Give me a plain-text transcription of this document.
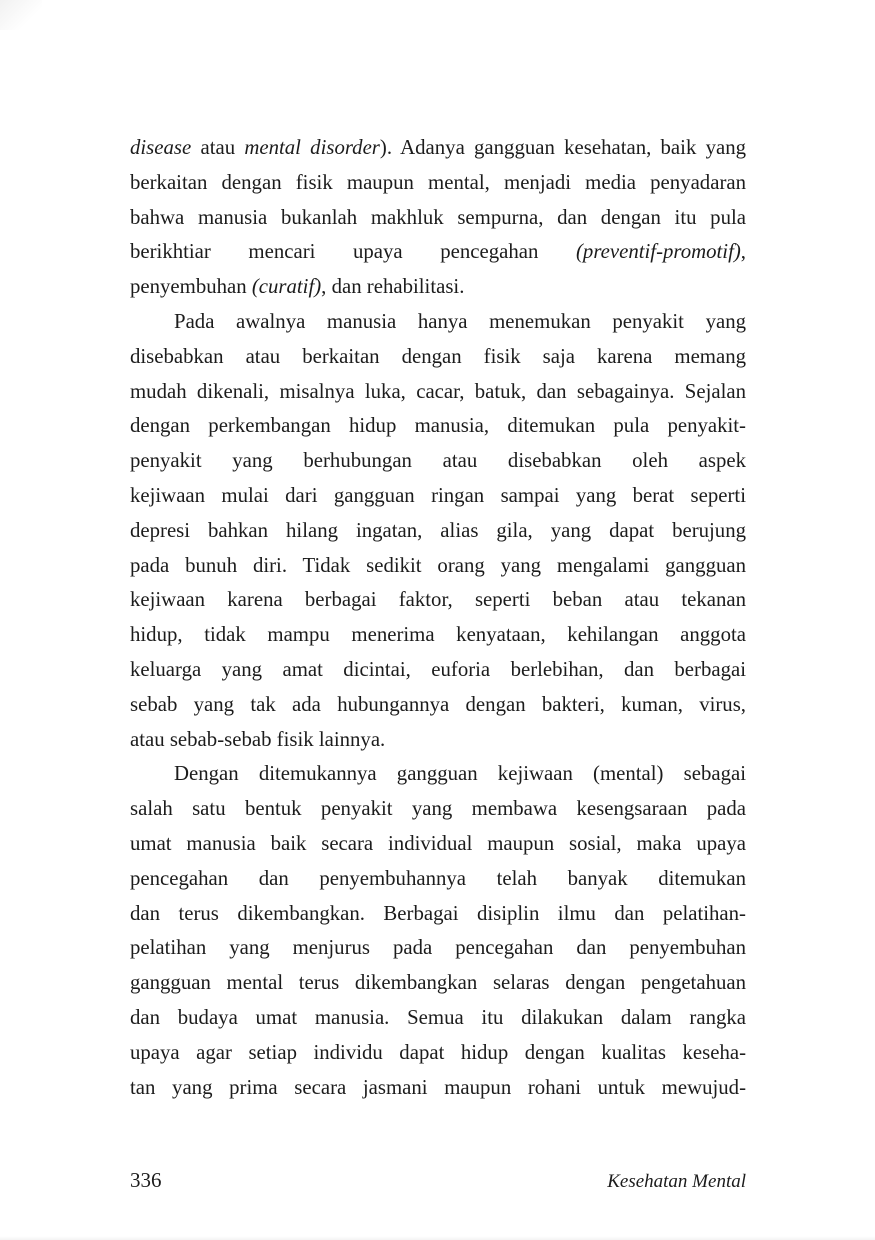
disease atau mental disorder). Adanya gangguan kesehatan, baik yang
berkaitan dengan fisik maupun mental, menjadi media penyadaran
bahwa manusia bukanlah makhluk sempurna, dan dengan itu pula
berikhtiar mencari upaya pencegahan (preventif-promotif),
penyembuhan (curatif), dan rehabilitasi.
Pada awalnya manusia hanya menemukan penyakit yang
disebabkan atau berkaitan dengan fisik saja karena memang
mudah dikenali, misalnya luka, cacar, batuk, dan sebagainya. Sejalan
dengan perkembangan hidup manusia, ditemukan pula penyakit-
penyakit yang berhubungan atau disebabkan oleh aspek
kejiwaan mulai dari gangguan ringan sampai yang berat seperti
depresi bahkan hilang ingatan, alias gila, yang dapat berujung
pada bunuh diri. Tidak sedikit orang yang mengalami gangguan
kejiwaan karena berbagai faktor, seperti beban atau tekanan
hidup, tidak mampu menerima kenyataan, kehilangan anggota
keluarga yang amat dicintai, euforia berlebihan, dan berbagai
sebab yang tak ada hubungannya dengan bakteri, kuman, virus,
atau sebab-sebab fisik lainnya.
Dengan ditemukannya gangguan kejiwaan (mental) sebagai
salah satu bentuk penyakit yang membawa kesengsaraan pada
umat manusia baik secara individual maupun sosial, maka upaya
pencegahan dan penyembuhannya telah banyak ditemukan
dan terus dikembangkan. Berbagai disiplin ilmu dan pelatihan-
pelatihan yang menjurus pada pencegahan dan penyembuhan
gangguan mental terus dikembangkan selaras dengan pengetahuan
dan budaya umat manusia. Semua itu dilakukan dalam rangka
upaya agar setiap individu dapat hidup dengan kualitas keseha-
tan yang prima secara jasmani maupun rohani untuk mewujud-
336	Kesehatan Mental
